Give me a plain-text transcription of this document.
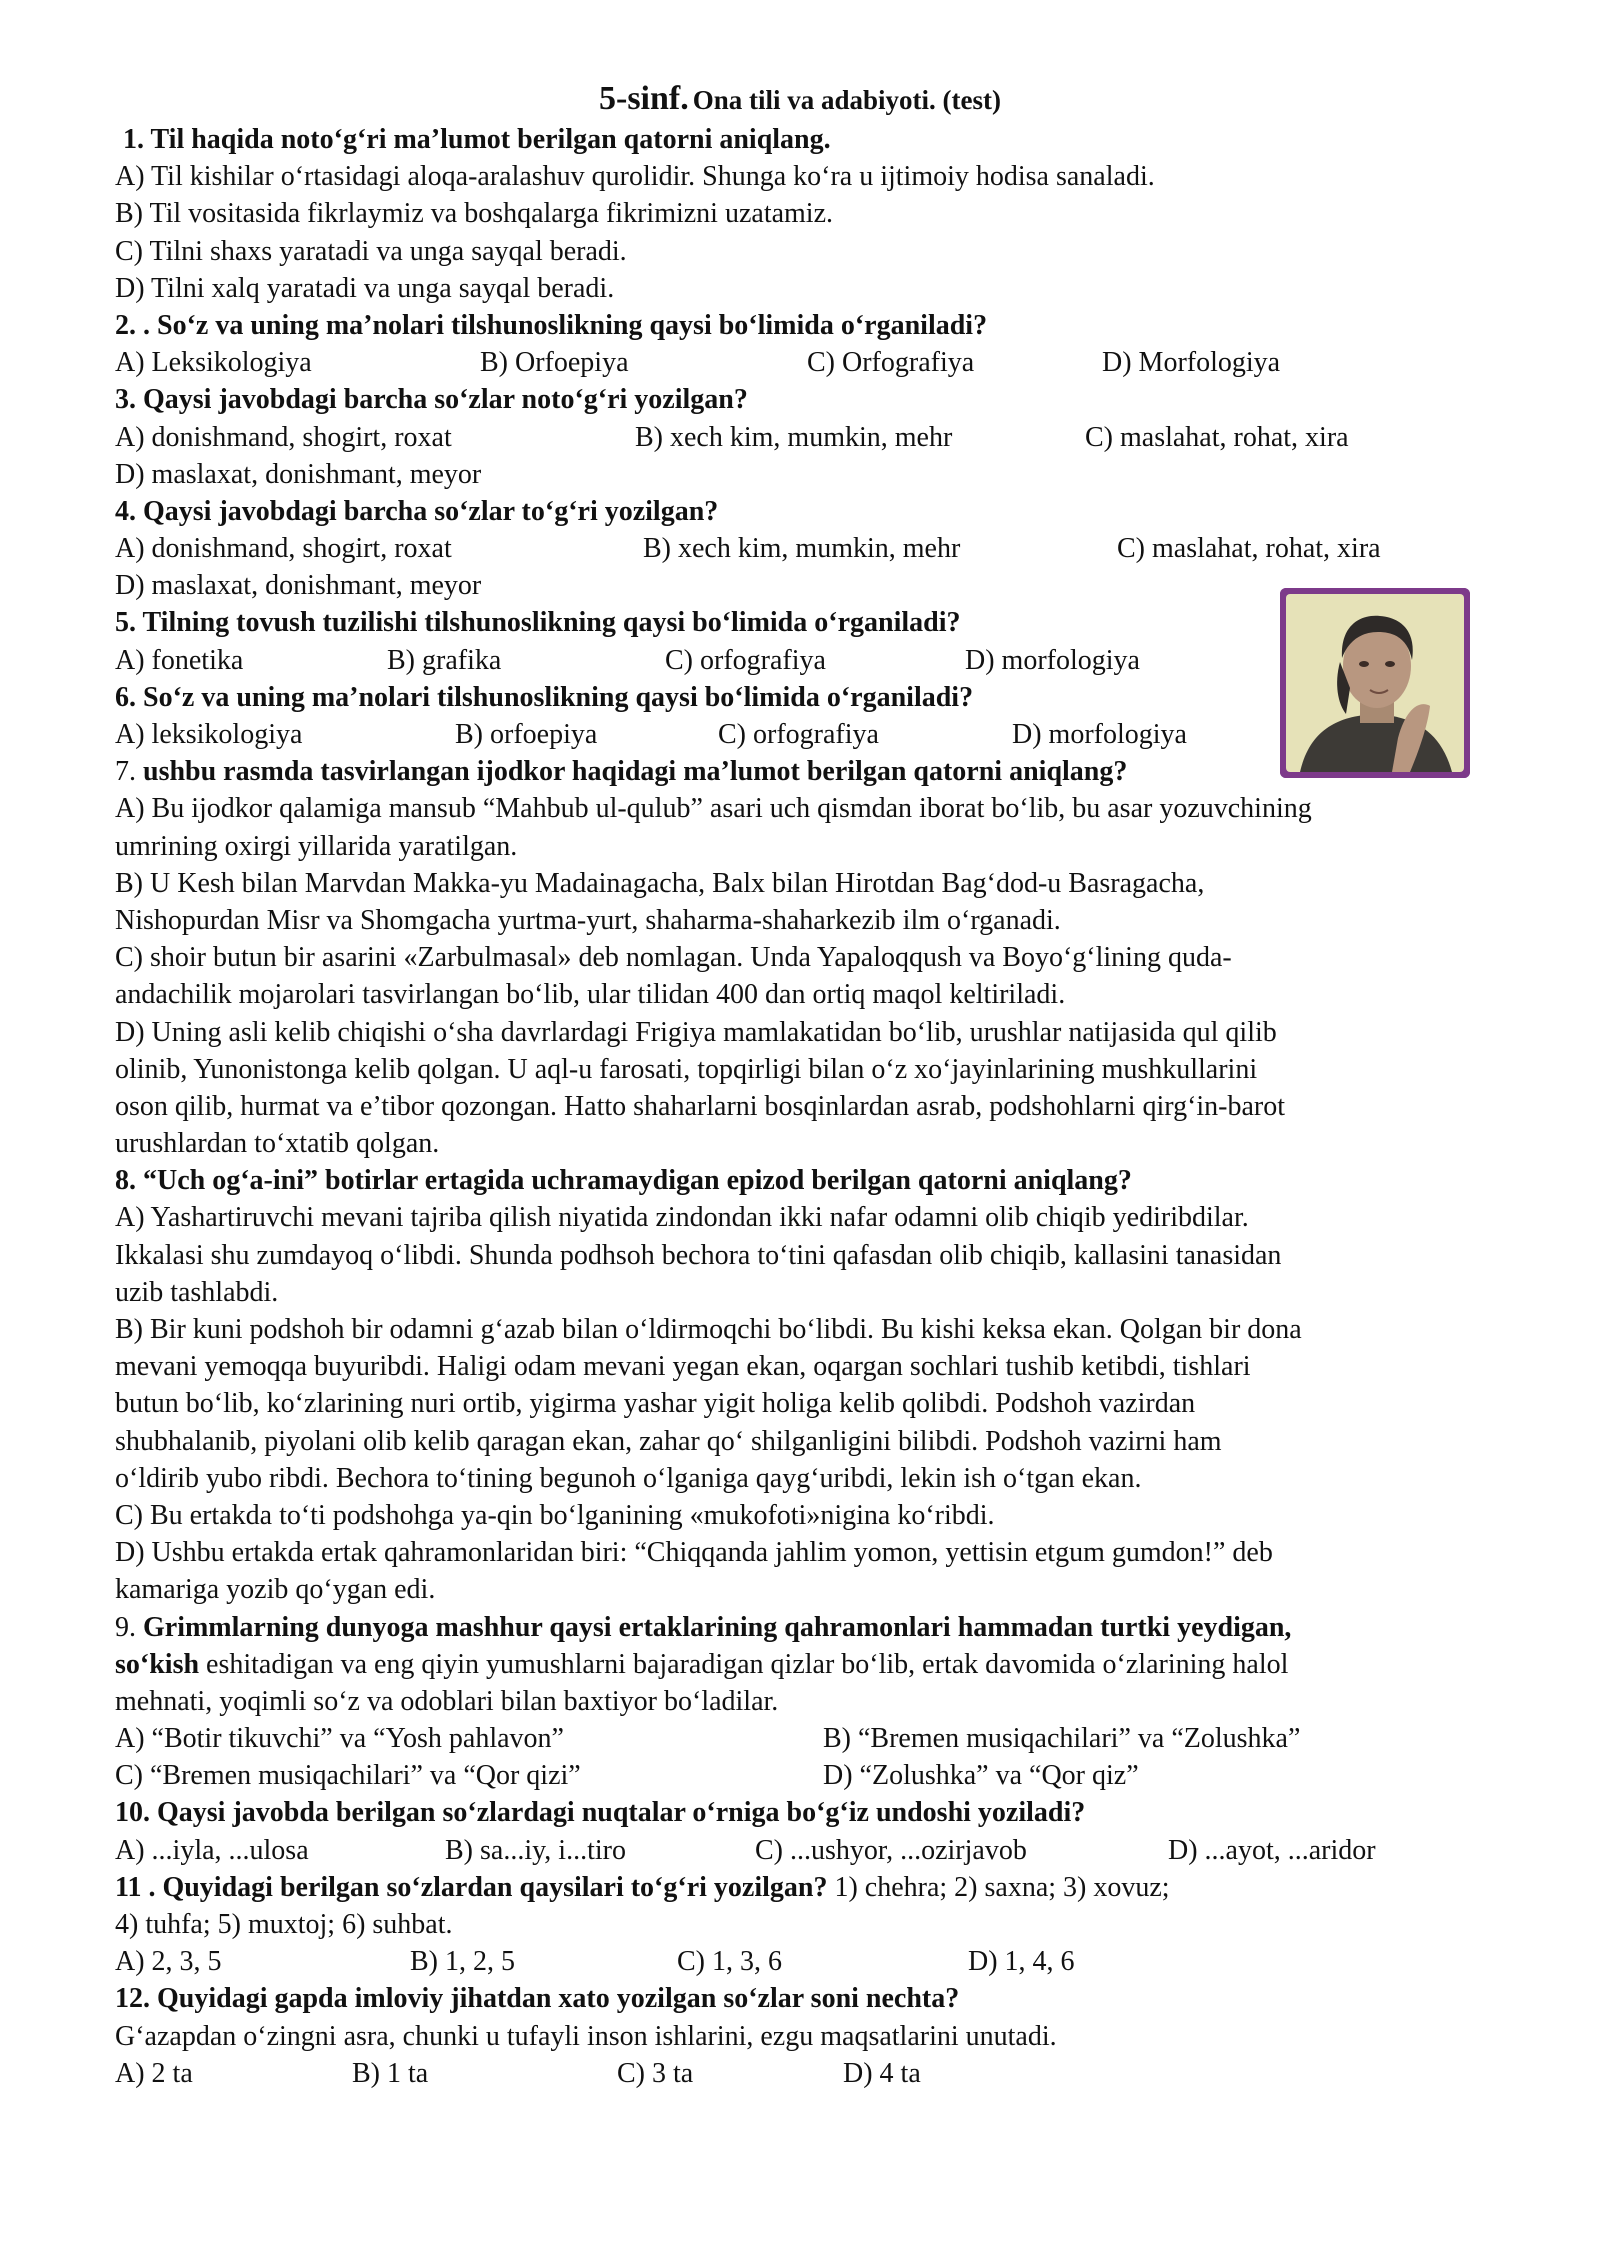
5-sinf. Ona tili va adabiyoti. (test)
1. Til haqida noto‘g‘ri ma’lumot berilgan qatorni aniqlang.
A) Til kishilar o‘rtasidagi aloqa-aralashuv qurolidir. Shunga ko‘ra u ijtimoiy hodisa sanaladi.
B) Til vositasida fikrlaymiz va boshqalarga fikrimizni uzatamiz.
C) Tilni shaxs yaratadi va unga sayqal beradi.
D) Tilni xalq yaratadi va unga sayqal beradi.
2. . So‘z va uning ma’nolari tilshunoslikning qaysi bo‘limida o‘rganiladi?
A) Leksikologiya	B) Orfoepiya	C) Orfografiya	D) Morfologiya
3. Qaysi javobdagi barcha so‘zlar noto‘g‘ri yozilgan?
A) donishmand, shogirt, roxat	B) xech kim, mumkin, mehr	C) maslahat, rohat, xira
D) maslaxat, donishmant, meyor
4. Qaysi javobdagi barcha so‘zlar to‘g‘ri yozilgan?
A) donishmand, shogirt, roxat	B) xech kim, mumkin, mehr	C) maslahat, rohat, xira
D) maslaxat, donishmant, meyor
5. Tilning tovush tuzilishi tilshunoslikning qaysi bo‘limida o‘rganiladi?
A) fonetika	B) grafika	C) orfografiya	D) morfologiya
6. So‘z va uning ma’nolari tilshunoslikning qaysi bo‘limida o‘rganiladi?
A) leksikologiya	B) orfoepiya	C) orfografiya	D) morfologiya
7. ushbu rasmda tasvirlangan ijodkor haqidagi ma’lumot berilgan qatorni aniqlang?
A) Bu ijodkor qalamiga mansub “Mahbub ul-qulub” asari uch qismdan iborat bo‘lib, bu asar yozuvchining
umrining oxirgi yillarida yaratilgan.
B) U Kesh bilan Marvdan Makka-yu Madainagacha, Balx bilan Hirotdan Bag‘dod-u Basragacha,
Nishopurdan Misr va Shomgacha yurtma-yurt, shaharma-shaharkezib ilm o‘rganadi.
C) shoir butun bir asarini «Zarbulmasal» deb nomlagan. Unda Yapaloqqush va Boyo‘g‘lining quda-
andachilik mojarolari tasvirlangan bo‘lib, ular tilidan 400 dan ortiq maqol keltiriladi.
D) Uning asli kelib chiqishi o‘sha davrlardagi Frigiya mamlakatidan bo‘lib, urushlar natijasida qul qilib
olinib, Yunonistonga kelib qolgan. U aql-u farosati, topqirligi bilan o‘z xo‘jayinlarining mushkullarini
oson qilib, hurmat va e’tibor qozongan. Hatto shaharlarni bosqinlardan asrab, podshohlarni qirg‘in-barot
urushlardan to‘xtatib qolgan.
8. “Uch og‘a-ini” botirlar ertagida uchramaydigan epizod berilgan qatorni aniqlang?
A) Yashartiruvchi mevani tajriba qilish niyatida zindondan ikki nafar odamni olib chiqib yediribdilar.
Ikkalasi shu zumdayoq o‘libdi. Shunda podhsoh bechora to‘tini qafasdan olib chiqib, kallasini tanasidan
uzib tashlabdi.
B) Bir kuni podshoh bir odamni g‘azab bilan o‘ldirmoqchi bo‘libdi. Bu kishi keksa ekan. Qolgan bir dona
mevani yemoqqa buyuribdi. Haligi odam mevani yegan ekan, oqargan sochlari tushib ketibdi, tishlari
butun bo‘lib, ko‘zlarining nuri ortib, yigirma yashar yigit holiga kelib qolibdi. Podshoh vazirdan
shubhalanib, piyolani olib kelib qaragan ekan, zahar qo‘ shilganligini bilibdi. Podshoh vazirni ham
o‘ldirib yubo ribdi. Bechora to‘tining begunoh o‘lganiga qayg‘uribdi, lekin ish o‘tgan ekan.
C) Bu ertakda to‘ti podshohga ya-qin bo‘lganining «mukofoti»nigina ko‘ribdi.
D) Ushbu ertakda ertak qahramonlaridan biri: “Chiqqanda jahlim yomon, yettisin etgum gumdon!” deb
kamariga yozib qo‘ygan edi.
9. Grimmlarning dunyoga mashhur qaysi ertaklarining qahramonlari hammadan turtki yeydigan,
so‘kish eshitadigan va eng qiyin yumushlarni bajaradigan qizlar bo‘lib, ertak davomida o‘zlarining halol
mehnati, yoqimli so‘z va odoblari bilan baxtiyor bo‘ladilar.
A) “Botir tikuvchi” va “Yosh pahlavon”	B) “Bremen musiqachilari” va “Zolushka”
C) “Bremen musiqachilari” va “Qor qizi”	D) “Zolushka” va “Qor qiz”
10. Qaysi javobda berilgan so‘zlardagi nuqtalar o‘rniga bo‘g‘iz undoshi yoziladi?
A) ...iyla, ...ulosa	B) sa...iy, i...tiro	C) ...ushyor, ...ozirjavob	D) ...ayot, ...aridor
11 . Quyidagi berilgan so‘zlardan qaysilari to‘g‘ri yozilgan? 1) chehra; 2) saxna; 3) xovuz;
4) tuhfa; 5) muxtoj; 6) suhbat.
A) 2, 3, 5	B) 1, 2, 5	C) 1, 3, 6	D) 1, 4, 6
12. Quyidagi gapda imloviy jihatdan xato yozilgan so‘zlar soni nechta?
G‘azapdan o‘zingni asra, chunki u tufayli inson ishlarini, ezgu maqsatlarini unutadi.
A) 2 ta	B) 1 ta	C) 3 ta	D) 4 ta
